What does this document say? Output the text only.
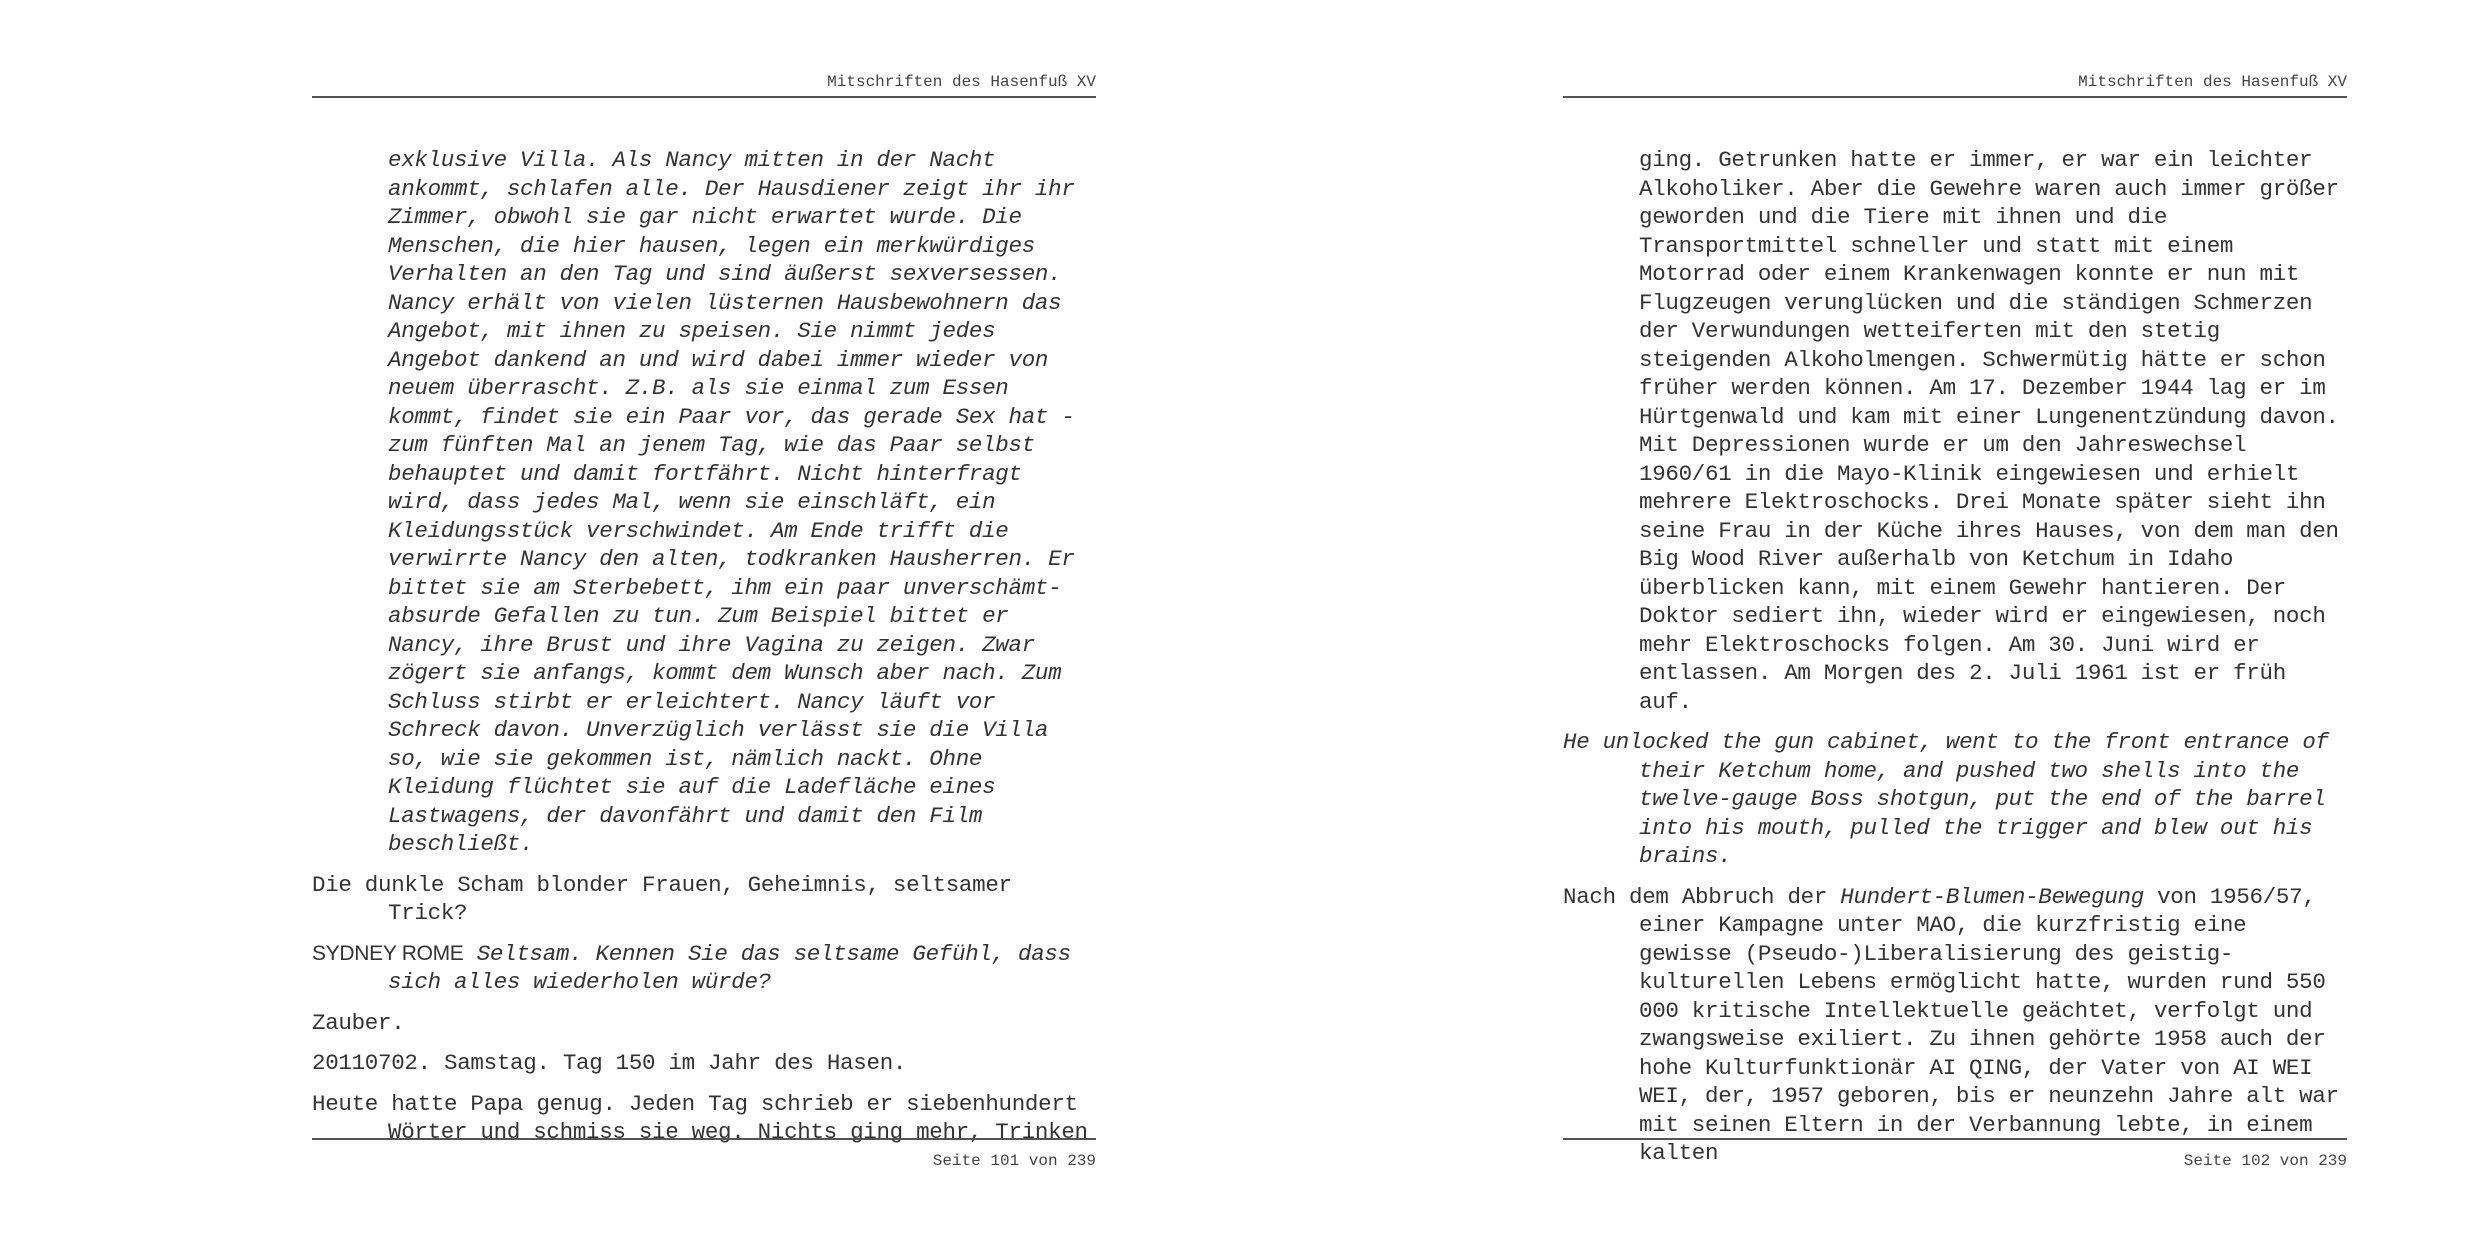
Mitschriften des Hasenfuß XV

exklusive Villa. Als Nancy mitten in der Nacht ankommt, schlafen alle. Der Hausdiener zeigt ihr ihr Zimmer, obwohl sie gar nicht erwartet wurde. Die Menschen, die hier hausen, legen ein merkwürdiges Verhalten an den Tag und sind äußerst sexversessen. Nancy erhält von vielen lüsternen Hausbewohnern das Angebot, mit ihnen zu speisen. Sie nimmt jedes Angebot dankend an und wird dabei immer wieder von neuem überrascht. Z.B. als sie einmal zum Essen kommt, findet sie ein Paar vor, das gerade Sex hat - zum fünften Mal an jenem Tag, wie das Paar selbst behauptet und damit fortfährt. Nicht hinterfragt wird, dass jedes Mal, wenn sie einschläft, ein Kleidungsstück verschwindet. Am Ende trifft die verwirrte Nancy den alten, todkranken Hausherren. Er bittet sie am Sterbebett, ihm ein paar unverschämt-absurde Gefallen zu tun. Zum Beispiel bittet er Nancy, ihre Brust und ihre Vagina zu zeigen. Zwar zögert sie anfangs, kommt dem Wunsch aber nach. Zum Schluss stirbt er erleichtert. Nancy läuft vor Schreck davon. Unverzüglich verlässt sie die Villa so, wie sie gekommen ist, nämlich nackt. Ohne Kleidung flüchtet sie auf die Ladefläche eines Lastwagens, der davonfährt und damit den Film beschließt.

Die dunkle Scham blonder Frauen, Geheimnis, seltsamer Trick?

SYDNEY ROME Seltsam. Kennen Sie das seltsame Gefühl, dass sich alles wiederholen würde?

Zauber.

20110702. Samstag. Tag 150 im Jahr des Hasen.

Heute hatte Papa genug. Jeden Tag schrieb er siebenhundert Wörter und schmiss sie weg. Nichts ging mehr, Trinken

Seite 101 von 239
Mitschriften des Hasenfuß XV

ging. Getrunken hatte er immer, er war ein leichter Alkoholiker. Aber die Gewehre waren auch immer größer geworden und die Tiere mit ihnen und die Transportmittel schneller und statt mit einem Motorrad oder einem Krankenwagen konnte er nun mit Flugzeugen verunglücken und die ständigen Schmerzen der Verwundungen wetteiferten mit den stetig steigenden Alkoholmengen. Schwermütig hätte er schon früher werden können. Am 17. Dezember 1944 lag er im Hürtgenwald und kam mit einer Lungenentzündung davon. Mit Depressionen wurde er um den Jahreswechsel 1960/61 in die Mayo-Klinik eingewiesen und erhielt mehrere Elektroschocks. Drei Monate später sieht ihn seine Frau in der Küche ihres Hauses, von dem man den Big Wood River außerhalb von Ketchum in Idaho überblicken kann, mit einem Gewehr hantieren. Der Doktor sediert ihn, wieder wird er eingewiesen, noch mehr Elektroschocks folgen. Am 30. Juni wird er entlassen. Am Morgen des 2. Juli 1961 ist er früh auf.

He unlocked the gun cabinet, went to the front entrance of their Ketchum home, and pushed two shells into the twelve-gauge Boss shotgun, put the end of the barrel into his mouth, pulled the trigger and blew out his brains.

Nach dem Abbruch der Hundert-Blumen-Bewegung von 1956/57, einer Kampagne unter MAO, die kurzfristig eine gewisse (Pseudo-)Liberalisierung des geistig-kulturellen Lebens ermöglicht hatte, wurden rund 550 000 kritische Intellektuelle geächtet, verfolgt und zwangsweise exiliert. Zu ihnen gehörte 1958 auch der hohe Kulturfunktionär AI QING, der Vater von AI WEI WEI, der, 1957 geboren, bis er neunzehn Jahre alt war mit seinen Eltern in der Verbannung lebte, in einem kalten	Seite 102 von 239
